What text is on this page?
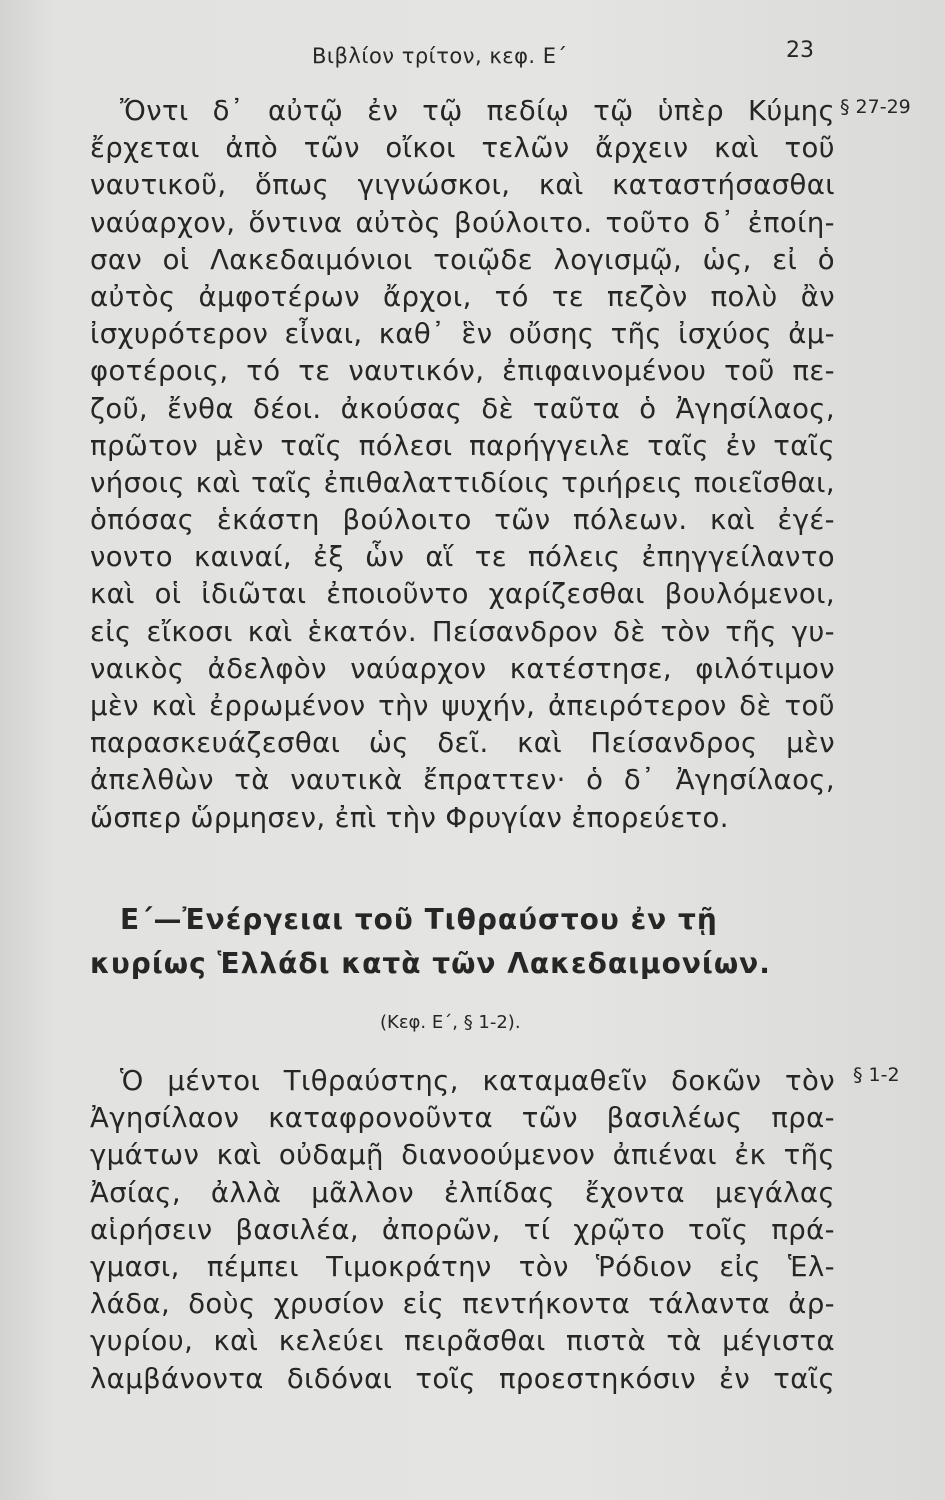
Βιβλίον τρίτον, κεφ. Ε΄	23
§ 27-29
Ὄντι δ᾽ αὐτῷ ἐν τῷ πεδίῳ τῷ ὑπὲρ Κύμης
ἔρχεται ἀπὸ τῶν οἴκοι τελῶν ἄρχειν καὶ τοῦ
ναυτικοῦ, ὅπως γιγνώσκοι, καὶ καταστήσασθαι
ναύαρχον, ὅντινα αὐτὸς βούλοιτο. τοῦτο δ᾽ ἐποίη-
σαν οἱ Λακεδαιμόνιοι τοιῷδε λογισμῷ, ὡς, εἰ ὁ
αὐτὸς ἀμφοτέρων ἄρχοι, τό τε πεζὸν πολὺ ἂν
ἰσχυρότερον εἶναι, καθ᾽ ἓν οὔσης τῆς ἰσχύος ἀμ-
φοτέροις, τό τε ναυτικόν, ἐπιφαινομένου τοῦ πε-
ζοῦ, ἔνθα δέοι. ἀκούσας δὲ ταῦτα ὁ Ἀγησίλαος,
πρῶτον μὲν ταῖς πόλεσι παρήγγειλε ταῖς ἐν ταῖς
νήσοις καὶ ταῖς ἐπιθαλαττιδίοις τριήρεις ποιεῖσθαι,
ὁπόσας ἑκάστη βούλοιτο τῶν πόλεων. καὶ ἐγέ-
νοντο καιναί, ἐξ ὧν αἵ τε πόλεις ἐπηγγείλαντο
καὶ οἱ ἰδιῶται ἐποιοῦντο χαρίζεσθαι βουλόμενοι,
εἰς εἴκοσι καὶ ἑκατόν. Πείσανδρον δὲ τὸν τῆς γυ-
ναικὸς ἀδελφὸν ναύαρχον κατέστησε, φιλότιμον
μὲν καὶ ἐρρωμένον τὴν ψυχήν, ἀπειρότερον δὲ τοῦ
παρασκευάζεσθαι ὡς δεῖ. καὶ Πείσανδρος μὲν
ἀπελθὼν τὰ ναυτικὰ ἔπραττεν· ὁ δ᾽ Ἀγησίλαος,
ὥσπερ ὥρμησεν, ἐπὶ τὴν Φρυγίαν ἐπορεύετο.
Ε΄—Ἐνέργειαι τοῦ Τιθραύστου ἐν τῇ
κυρίως Ἑλλάδι κατὰ τῶν Λακεδαιμονίων.
(Κεφ. Ε΄, § 1-2).
§ 1-2
Ὁ μέντοι Τιθραύστης, καταμαθεῖν δοκῶν τὸν
Ἀγησίλαον καταφρονοῦντα τῶν βασιλέως πρα-
γμάτων καὶ οὐδαμῇ διανοούμενον ἀπιέναι ἐκ τῆς
Ἀσίας, ἀλλὰ μᾶλλον ἐλπίδας ἔχοντα μεγάλας
αἱρήσειν βασιλέα, ἀπορῶν, τί χρῷτο τοῖς πρά-
γμασι, πέμπει Τιμοκράτην τὸν Ῥόδιον εἰς Ἑλ-
λάδα, δοὺς χρυσίον εἰς πεντήκοντα τάλαντα ἀρ-
γυρίου, καὶ κελεύει πειρᾶσθαι πιστὰ τὰ μέγιστα
λαμβάνοντα διδόναι τοῖς προεστηκόσιν ἐν ταῖς
